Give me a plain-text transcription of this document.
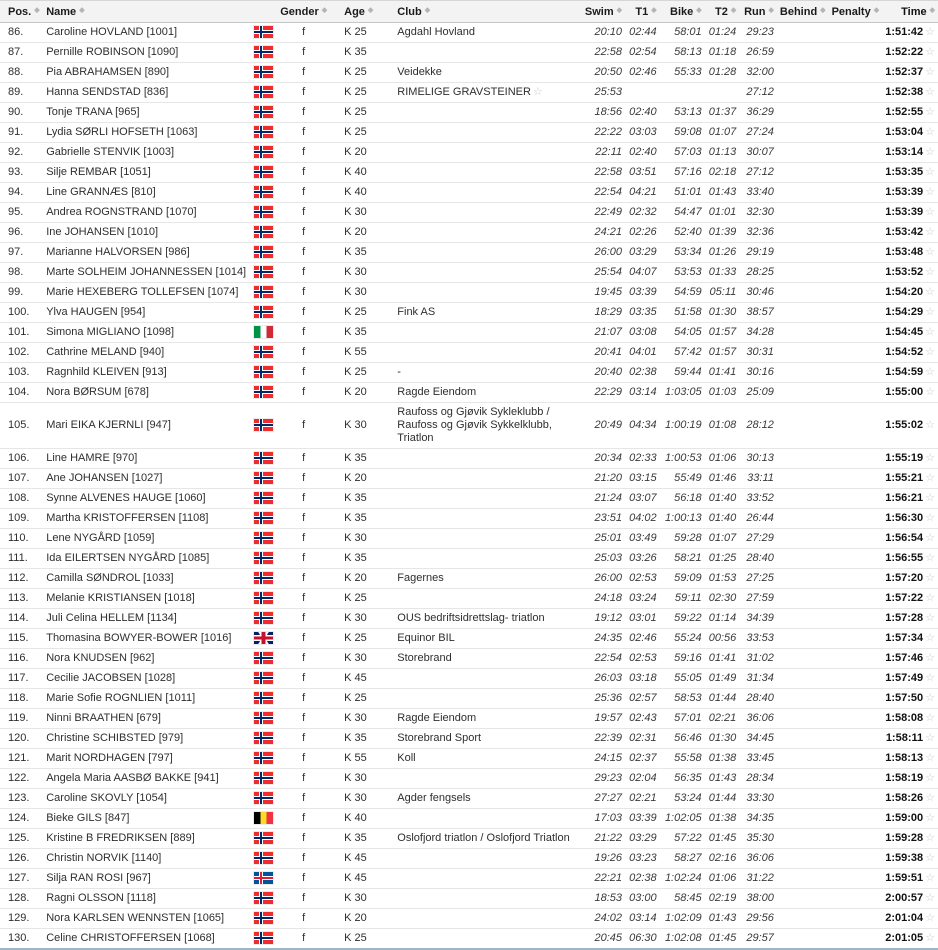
Pos. ◆	Name ◆		Gender ◆	Age ◆	Club ◆	Swim ◆	T1 ◆	Bike ◆	T2 ◆	Run ◆	Behind ◆	Penalty ◆	Time ◆
86.	Caroline HOVLAND [1001]		f	K 25	Agdahl Hovland	20:10	02:44	58:01	01:24	29:23			1:51:42 ☆
87.	Pernille ROBINSON [1090]		f	K 35		22:58	02:54	58:13	01:18	26:59			1:52:22 ☆
88.	Pia ABRAHAMSEN [890]		f	K 25	Veidekke	20:50	02:46	55:33	01:28	32:00			1:52:37 ☆
89.	Hanna SENDSTAD [836]		f	K 25	RIMELIGE GRAVSTEINER ☆	25:53				27:12			1:52:38 ☆
90.	Tonje TRANA [965]		f	K 25		18:56	02:40	53:13	01:37	36:29			1:52:55 ☆
91.	Lydia SØRLI HOFSETH [1063]		f	K 25		22:22	03:03	59:08	01:07	27:24			1:53:04 ☆
92.	Gabrielle STENVIK [1003]		f	K 20		22:11	02:40	57:03	01:13	30:07			1:53:14 ☆
93.	Silje REMBAR [1051]		f	K 40		22:58	03:51	57:16	02:18	27:12			1:53:35 ☆
94.	Line GRANNÆS [810]		f	K 40		22:54	04:21	51:01	01:43	33:40			1:53:39 ☆
95.	Andrea ROGNSTRAND [1070]		f	K 30		22:49	02:32	54:47	01:01	32:30			1:53:39 ☆
96.	Ine JOHANSEN [1010]		f	K 20		24:21	02:26	52:40	01:39	32:36			1:53:42 ☆
97.	Marianne HALVORSEN [986]		f	K 35		26:00	03:29	53:34	01:26	29:19			1:53:48 ☆
98.	Marte SOLHEIM JOHANNESSEN [1014]		f	K 30		25:54	04:07	53:53	01:33	28:25			1:53:52 ☆
99.	Marie HEXEBERG TOLLEFSEN [1074]		f	K 30		19:45	03:39	54:59	05:11	30:46			1:54:20 ☆
100.	Ylva HAUGEN [954]		f	K 25	Fink AS	18:29	03:35	51:58	01:30	38:57			1:54:29 ☆
101.	Simona MIGLIANO [1098]		f	K 35		21:07	03:08	54:05	01:57	34:28			1:54:45 ☆
102.	Cathrine MELAND [940]		f	K 55		20:41	04:01	57:42	01:57	30:31			1:54:52 ☆
103.	Ragnhild KLEIVEN [913]		f	K 25	-	20:40	02:38	59:44	01:41	30:16			1:54:59 ☆
104.	Nora BØRSUM [678]		f	K 20	Ragde Eiendom	22:29	03:14	1:03:05	01:03	25:09			1:55:00 ☆
105.	Mari EIKA KJERNLI [947]		f	K 30	Raufoss og Gjøvik Sykleklubb / Raufoss og Gjøvik Sykkelklubb, Triatlon	20:49	04:34	1:00:19	01:08	28:12			1:55:02 ☆
106.	Line HAMRE [970]		f	K 35		20:34	02:33	1:00:53	01:06	30:13			1:55:19 ☆
107.	Ane JOHANSEN [1027]		f	K 20		21:20	03:15	55:49	01:46	33:11			1:55:21 ☆
108.	Synne ALVENES HAUGE [1060]		f	K 35		21:24	03:07	56:18	01:40	33:52			1:56:21 ☆
109.	Martha KRISTOFFERSEN [1108]		f	K 35		23:51	04:02	1:00:13	01:40	26:44			1:56:30 ☆
110.	Lene NYGÅRD [1059]		f	K 30		25:01	03:49	59:28	01:07	27:29			1:56:54 ☆
111.	Ida EILERTSEN NYGÅRD [1085]		f	K 35		25:03	03:26	58:21	01:25	28:40			1:56:55 ☆
112.	Camilla SØNDROL [1033]		f	K 20	Fagernes	26:00	02:53	59:09	01:53	27:25			1:57:20 ☆
113.	Melanie KRISTIANSEN [1018]		f	K 25		24:18	03:24	59:11	02:30	27:59			1:57:22 ☆
114.	Juli Celina HELLEM [1134]		f	K 30	OUS bedriftsidrettslag- triatlon	19:12	03:01	59:22	01:14	34:39			1:57:28 ☆
115.	Thomasina BOWYER-BOWER [1016]		f	K 25	Equinor BIL	24:35	02:46	55:24	00:56	33:53			1:57:34 ☆
116.	Nora KNUDSEN [962]		f	K 30	Storebrand	22:54	02:53	59:16	01:41	31:02			1:57:46 ☆
117.	Cecilie JACOBSEN [1028]		f	K 45		26:03	03:18	55:05	01:49	31:34			1:57:49 ☆
118.	Marie Sofie ROGNLIEN [1011]		f	K 25		25:36	02:57	58:53	01:44	28:40			1:57:50 ☆
119.	Ninni BRAATHEN [679]		f	K 30	Ragde Eiendom	19:57	02:43	57:01	02:21	36:06			1:58:08 ☆
120.	Christine SCHIBSTED [979]		f	K 35	Storebrand Sport	22:39	02:31	56:46	01:30	34:45			1:58:11 ☆
121.	Marit NORDHAGEN [797]		f	K 55	Koll	24:15	02:37	55:58	01:38	33:45			1:58:13 ☆
122.	Angela Maria AASBØ BAKKE [941]		f	K 30		29:23	02:04	56:35	01:43	28:34			1:58:19 ☆
123.	Caroline SKOVLY [1054]		f	K 30	Agder fengsels	27:27	02:21	53:24	01:44	33:30			1:58:26 ☆
124.	Bieke GILS [847]		f	K 40		17:03	03:39	1:02:05	01:38	34:35			1:59:00 ☆
125.	Kristine B FREDRIKSEN [889]		f	K 35	Oslofjord triatlon / Oslofjord Triatlon	21:22	03:29	57:22	01:45	35:30			1:59:28 ☆
126.	Christin NORVIK [1140]		f	K 45		19:26	03:23	58:27	02:16	36:06			1:59:38 ☆
127.	Silja RAN ROSI [967]		f	K 45		22:21	02:38	1:02:24	01:06	31:22			1:59:51 ☆
128.	Ragni OLSSON [1118]		f	K 30		18:53	03:00	58:45	02:19	38:00			2:00:57 ☆
129.	Nora KARLSEN WENNSTEN [1065]		f	K 20		24:02	03:14	1:02:09	01:43	29:56			2:01:04 ☆
130.	Celine CHRISTOFFERSEN [1068]		f	K 25		20:45	06:30	1:02:08	01:45	29:57			2:01:05 ☆
